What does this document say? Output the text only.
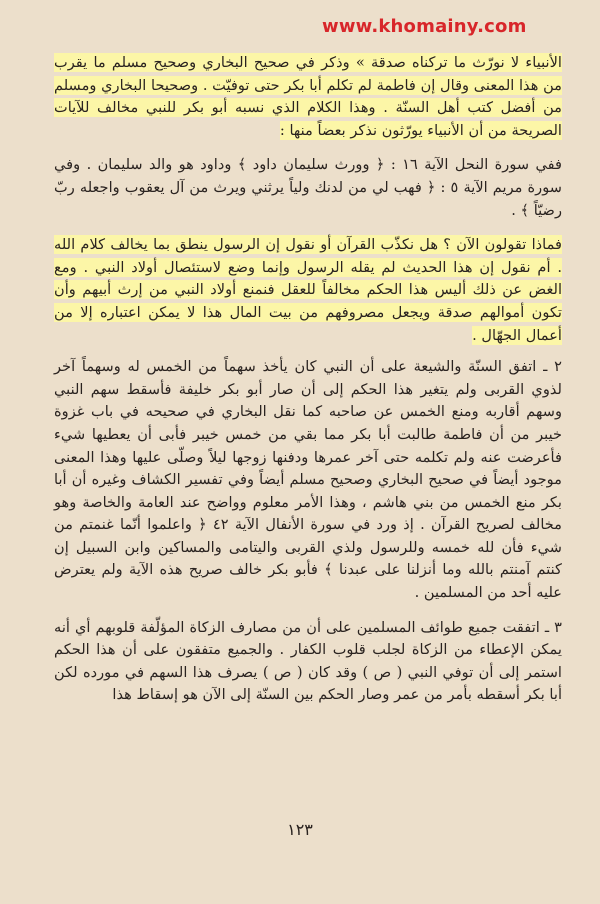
www.khomainy.com

الأنبياء لا نورّث ما تركناه صدقة » وذكر في صحيح البخاري وصحيح مسلم ما يقرب من هذا المعنى وقال إن فاطمة لم تكلم أبا بكر حتى توفيّت . وصحيحا البخاري ومسلم من أفضل كتب أهل السنّة . وهذا الكلام الذي نسبه أبو بكر للنبي مخالف للآيات الصريحة من أن الأنبياء يورّثون نذكر بعضاً منها :

ففي سورة النحل الآية ١٦ : ﴿ وورث سليمان داود ﴾ وداود هو والد سليمان . وفي سورة مريم الآية ٥ : ﴿ فهب لي من لدنك ولياً يرثني ويرث من آل يعقوب واجعله ربّ رضيّاً ﴾ .

فماذا تقولون الآن ؟ هل نكذّب القرآن أو نقول إن الرسول ينطق بما يخالف كلام الله . أم نقول إن هذا الحديث لم يقله الرسول وإنما وضع لاستئصال أولاد النبي . ومع الغض عن ذلك أليس هذا الحكم مخالفاً للعقل فنمنع أولاد النبي من إرث أبيهم وأن تكون أموالهم صدقة ويجعل مصروفهم من بيت المال هذا لا يمكن اعتباره إلا من أعمال الجهّال .

٢ ـ اتفق السنّة والشيعة على أن النبي كان يأخذ سهماً من الخمس له وسهماً آخر لذوي القربى ولم يتغير هذا الحكم إلى أن صار أبو بكر خليفة فأسقط سهم النبي وسهم أقاربه ومنع الخمس عن صاحبه كما نقل البخاري في صحيحه في باب غزوة خيبر من أن فاطمة طالبت أبا بكر مما بقي من خمس خيبر فأبى أن يعطيها شيء فأعرضت عنه ولم تكلمه حتى آخر عمرها ودفنها زوجها ليلاً وصلّى عليها وهذا المعنى موجود أيضاً في صحيح البخاري وصحيح مسلم أيضاً وفي تفسير الكشاف وغيره أن أبا بكر منع الخمس من بني هاشم ، وهذا الأمر معلوم وواضح عند العامة والخاصة وهو مخالف لصريح القرآن . إذ ورد في سورة الأنفال الآية ٤٢ ﴿ واعلموا أنّما غنمتم من شيء فأن لله خمسه وللرسول ولذي القربى واليتامى والمساكين وابن السبيل إن كنتم آمنتم بالله وما أنزلنا على عبدنا ﴾ فأبو بكر خالف صريح هذه الآية ولم يعترض عليه أحد من المسلمين .

٣ ـ اتفقت جميع طوائف المسلمين على أن من مصارف الزكاة المؤلّفة قلوبهم أي أنه يمكن الإعطاء من الزكاة لجلب قلوب الكفار . والجميع متفقون على أن هذا الحكم استمر إلى أن توفي النبي ( ص ) وقد كان ( ص ) يصرف هذا السهم في مورده لكن أبا بكر أسقطه بأمر من عمر وصار الحكم بين السنّة إلى الآن هو إسقاط هذا

١٢٣
